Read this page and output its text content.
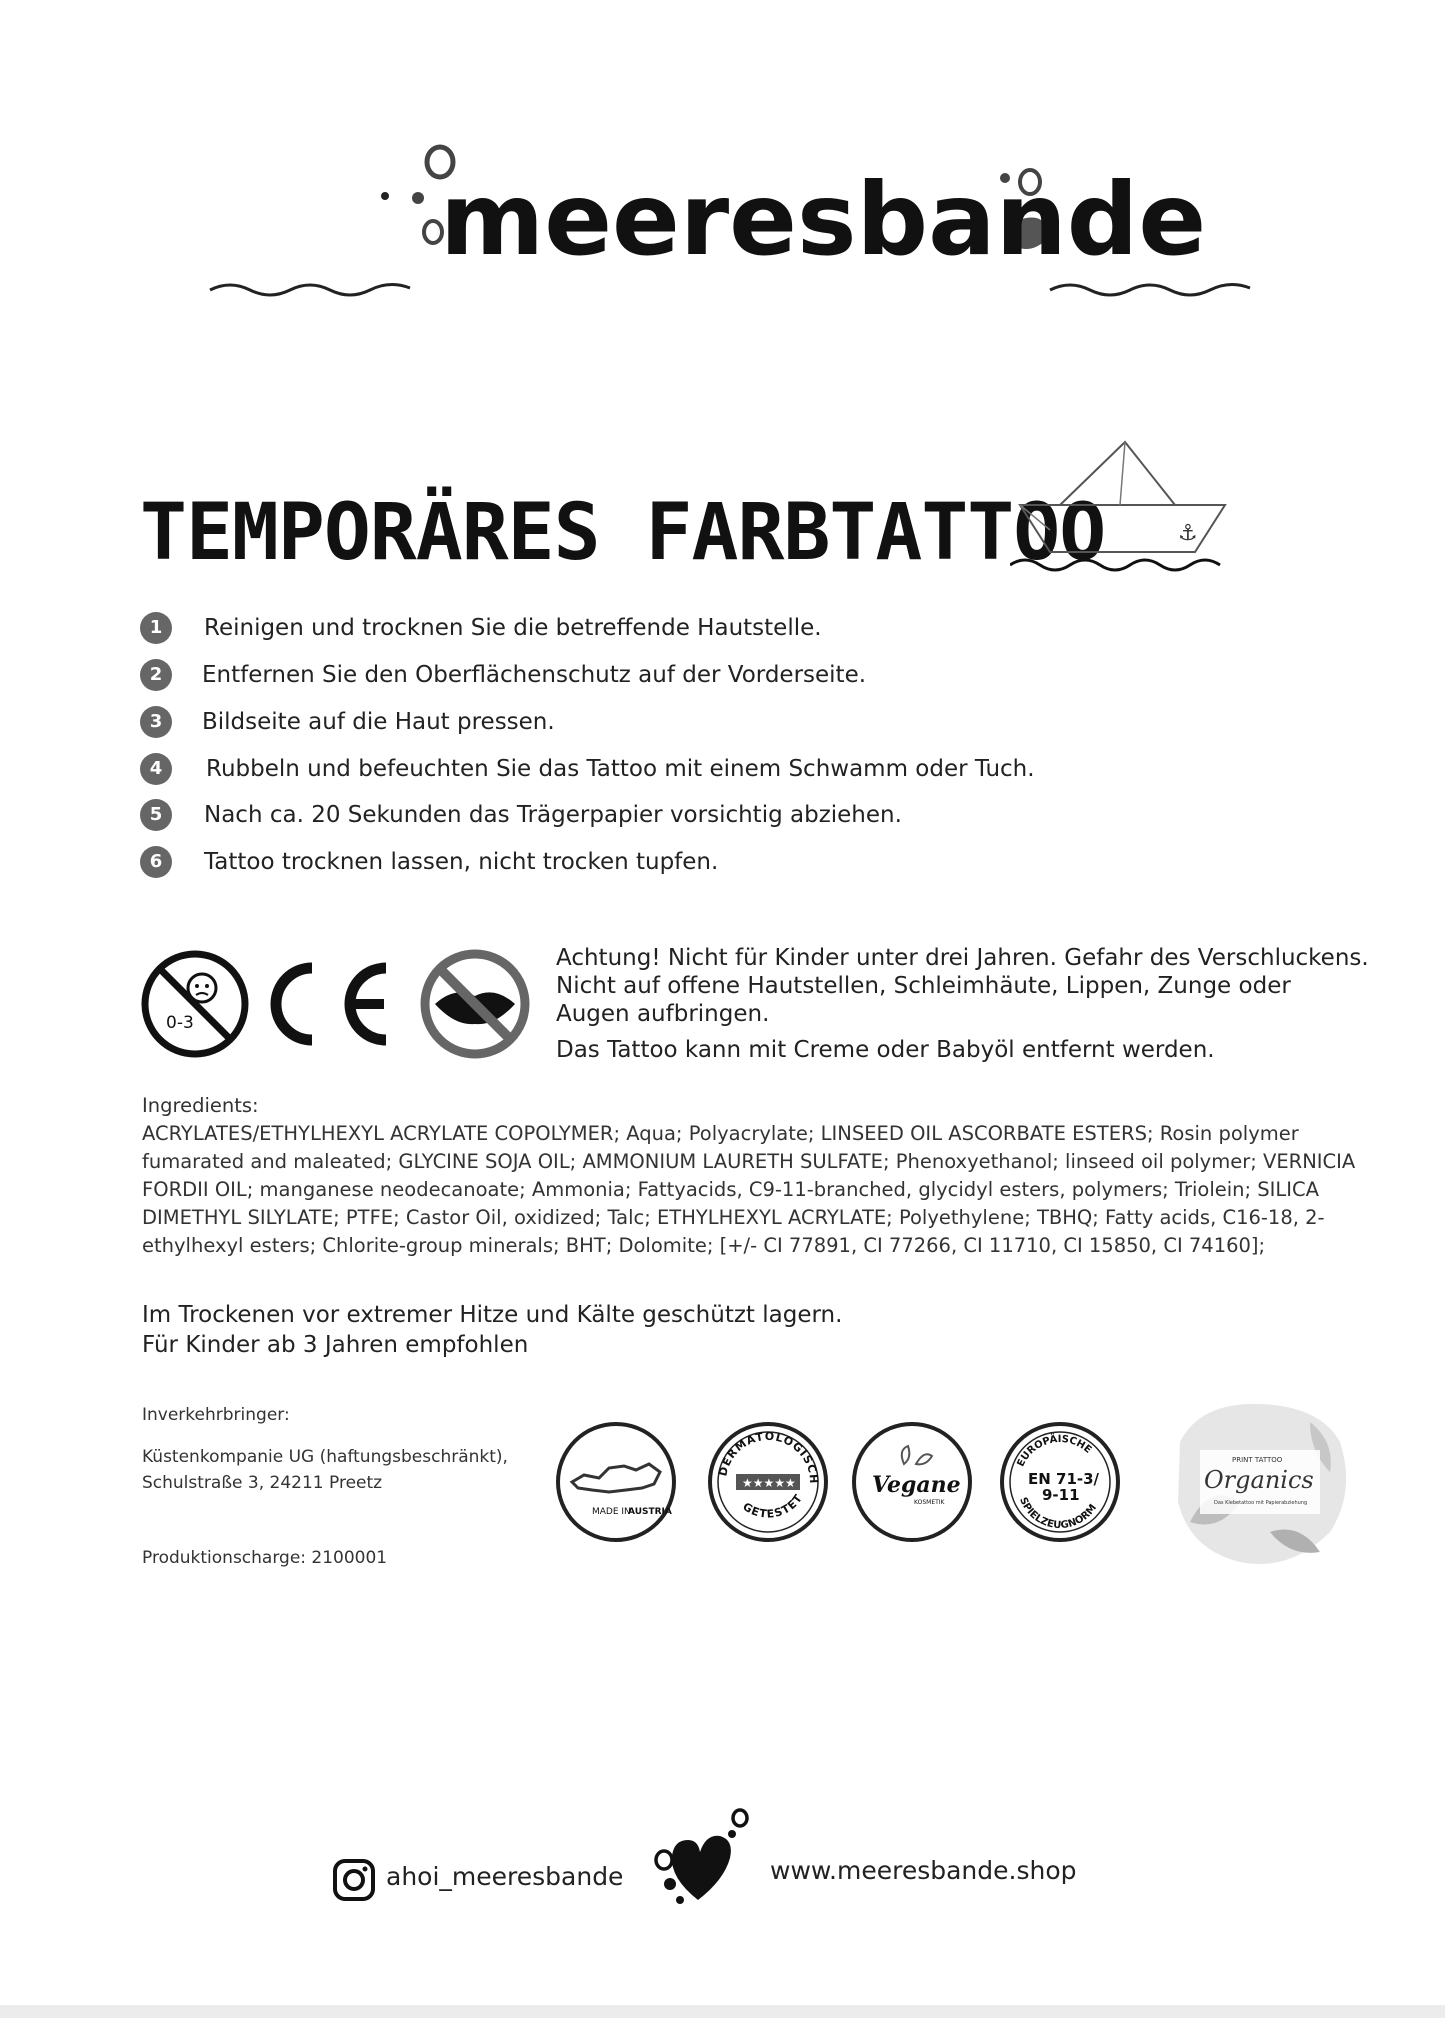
meeresbande
TEMPORÄRES FARBTATTOO	⚓
1	Reinigen und trocknen Sie die betreffende Hautstelle.
2	Entfernen Sie den Oberflächenschutz auf der Vorderseite.
3	Bildseite auf die Haut pressen.
4	Rubbeln und befeuchten Sie das Tattoo mit einem Schwamm oder Tuch.
5	Nach ca. 20 Sekunden das Trägerpapier vorsichtig abziehen.
6	Tattoo trocknen lassen, nicht trocken tupfen.
0-3

Achtung! Nicht für Kinder unter drei Jahren. Gefahr des Verschluckens.

Nicht auf offene Hautstellen, Schleimhäute, Lippen, Zunge oder

Augen aufbringen.

Das Tattoo kann mit Creme oder Babyöl entfernt werden.

Ingredients:
ACRYLATES/ETHYLHEXYL ACRYLATE COPOLYMER; Aqua; Polyacrylate; LINSEED OIL ASCORBATE ESTERS; Rosin polymer fumarated and maleated; GLYCINE SOJA OIL; AMMONIUM LAURETH SULFATE; Phenoxyethanol; linseed oil polymer; VERNICIA FORDII OIL; manganese neodecanoate; Ammonia; Fattyacids, C9-11-branched, glycidyl esters, polymers; Triolein; SILICA DIMETHYL SILYLATE; PTFE; Castor Oil, oxidized; Talc; ETHYLHEXYL ACRYLATE; Polyethylene; TBHQ; Fatty acids, C16-18, 2-ethylhexyl esters; Chlorite-group minerals; BHT; Dolomite; [+/- CI 77891, CI 77266, CI 11710, CI 15850, CI 74160];

Im Trockenen vor extremer Hitze und Kälte geschützt lagern.

Für Kinder ab 3 Jahren empfohlen

Inverkehrbringer:

Küstenkompanie UG (haftungsbeschränkt),

Schulstraße 3, 24211 Preetz

Produktionscharge: 2100001
MADE IN
AUSTRIA
DERMATOLOGISCH
GETESTET
★★★★★	Vegane
KOSMETIK
EUROPÄISCHE
SPIELZEUGNORM
EN 71-3/
9-11
PRINT TATTOO
Organics
Das Klebetattoo mit Papierabziehung
ahoi_meeresbande	www.meeresbande.shop
